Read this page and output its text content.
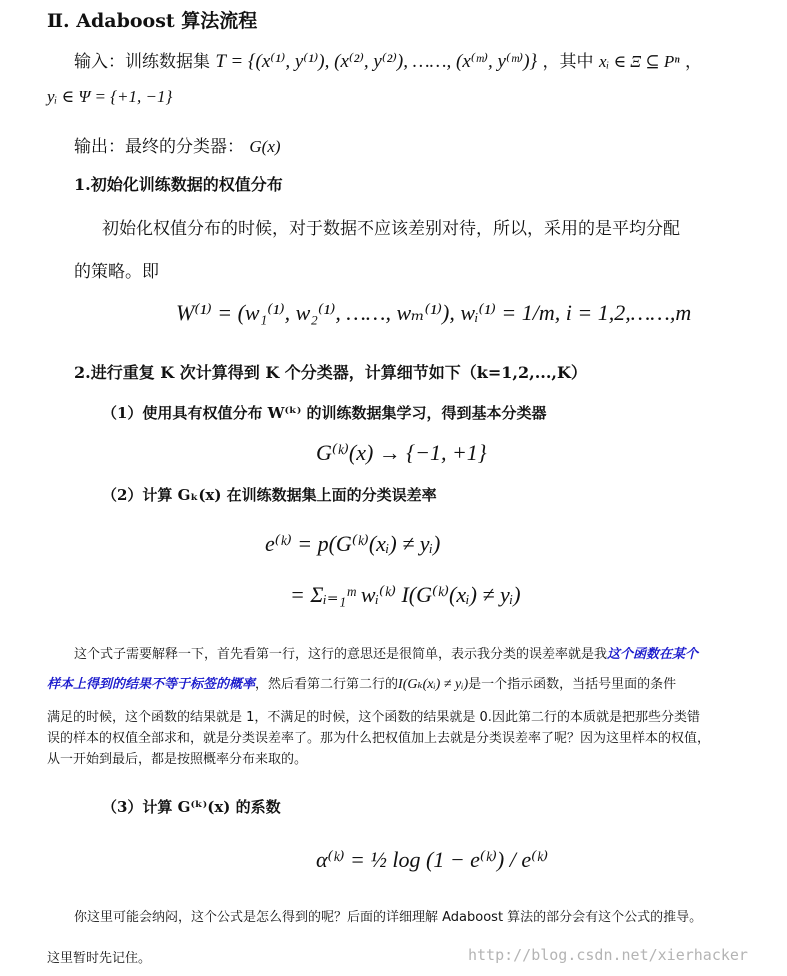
Ⅱ. Adaboost 算法流程
输入：训练数据集 T = {(x⁽¹⁾, y⁽¹⁾), (x⁽²⁾, y⁽²⁾), ……, (x⁽ᵐ⁾, y⁽ᵐ⁾)} ，其中 xᵢ ∈ Ξ ⊆ Pⁿ ，
yᵢ ∈ Ψ = {+1, −1}
输出：最终的分类器： G(x)
1.初始化训练数据的权值分布
初始化权值分布的时候，对于数据不应该差别对待，所以，采用的是平均分配
的策略。即
W⁽¹⁾ = (w₁⁽¹⁾, w₂⁽¹⁾, ……, wₘ⁽¹⁾), wᵢ⁽¹⁾ = 1/m, i = 1,2,……,m
2.进行重复 K 次计算得到 K 个分类器，计算细节如下（k=1,2,...,K）
（1）使用具有权值分布 W⁽ᵏ⁾ 的训练数据集学习，得到基本分类器
G⁽ᵏ⁾(x) → {−1, +1}
（2）计算 Gₖ(x) 在训练数据集上面的分类误差率
e⁽ᵏ⁾ = p(G⁽ᵏ⁾(xᵢ) ≠ yᵢ)
= Σᵢ₌₁ᵐ wᵢ⁽ᵏ⁾ I(G⁽ᵏ⁾(xᵢ) ≠ yᵢ)
这个式子需要解释一下，首先看第一行，这行的意思还是很简单，表示我分类的误差率就是我这个函数在某个
样本上得到的结果不等于标签的概率，然后看第二行第二行的I(Gₖ(xᵢ) ≠ yᵢ)是一个指示函数，当括号里面的条件
满足的时候，这个函数的结果就是 1，不满足的时候，这个函数的结果就是 0.因此第二行的本质就是把那些分类错
误的样本的权值全部求和，就是分类误差率了。那为什么把权值加上去就是分类误差率了呢？因为这里样本的权值，
从一开始到最后，都是按照概率分布来取的。
（3）计算 G⁽ᵏ⁾(x) 的系数
α⁽ᵏ⁾ = ½ log (1 − e⁽ᵏ⁾) / e⁽ᵏ⁾
你这里可能会纳闷，这个公式是怎么得到的呢？后面的详细理解 Adaboost 算法的部分会有这个公式的推导。
这里暂时先记住。	http://blog.csdn.net/xierhacker
